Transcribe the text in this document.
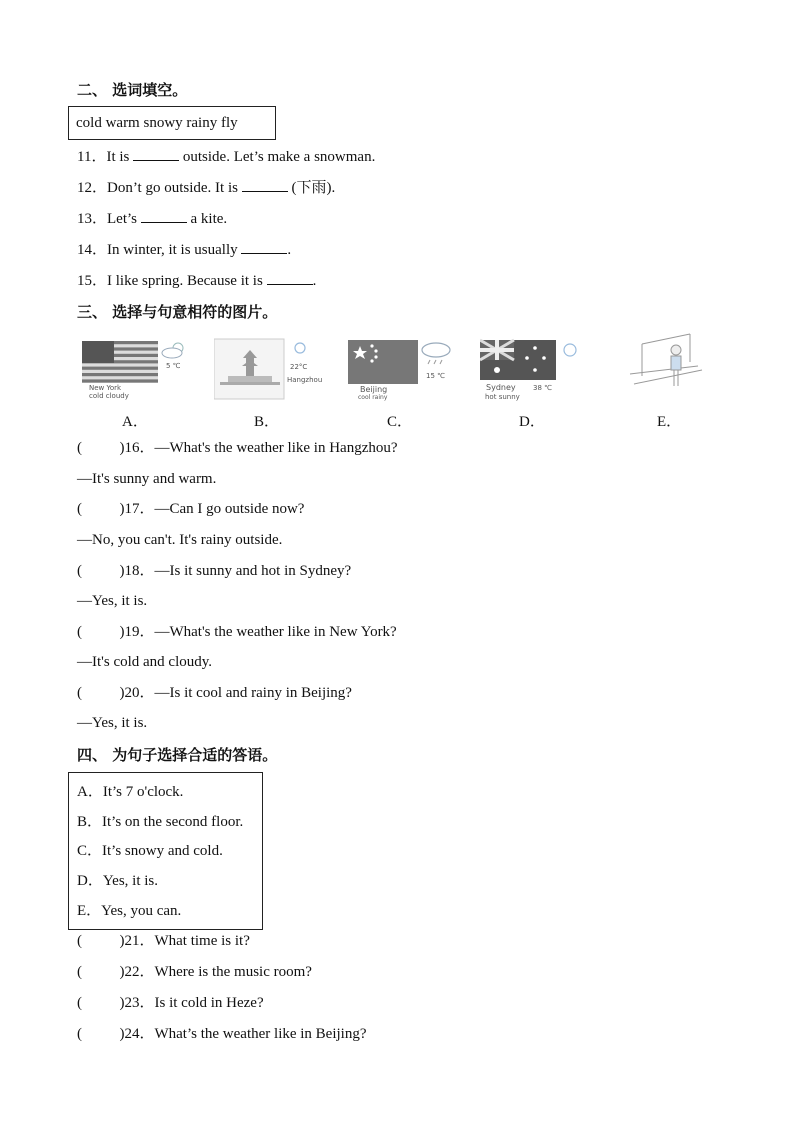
二、 选词填空。
cold warm snowy rainy fly
11．It is	outside. Let’s make a snowman.
12．Don’t go outside. It is	(下雨).
13．Let’s	a kite.
14．In winter, it is usually	.
15．I like spring. Because it is	.
三、 选择与句意相符的图片。
5 ℃
New York
cold cloudy
22°C
Hangzhou	15 ℃
Beijing
cool rainy
Sydney 38 ℃
hot sunny
A．	B．	C．	D．	E．
(          )16．—What's the weather like in Hangzhou?
—It's sunny and warm.
(          )17．—Can I go outside now?
—No, you can't. It's rainy outside.
(          )18．—Is it sunny and hot in Sydney?
—Yes, it is.
(          )19．—What's the weather like in New York?
—It's cold and cloudy.
(          )20．—Is it cool and rainy in Beijing?
—Yes, it is.
四、 为句子选择合适的答语。
A．It’s 7 o'clock.
B．It’s on the second floor.
C．It’s snowy and cold.
D．Yes, it is.
E．Yes, you can.
(          )21．What time is it?
(          )22．Where is the music room?
(          )23．Is it cold in Heze?
(          )24．What’s the weather like in Beijing?
